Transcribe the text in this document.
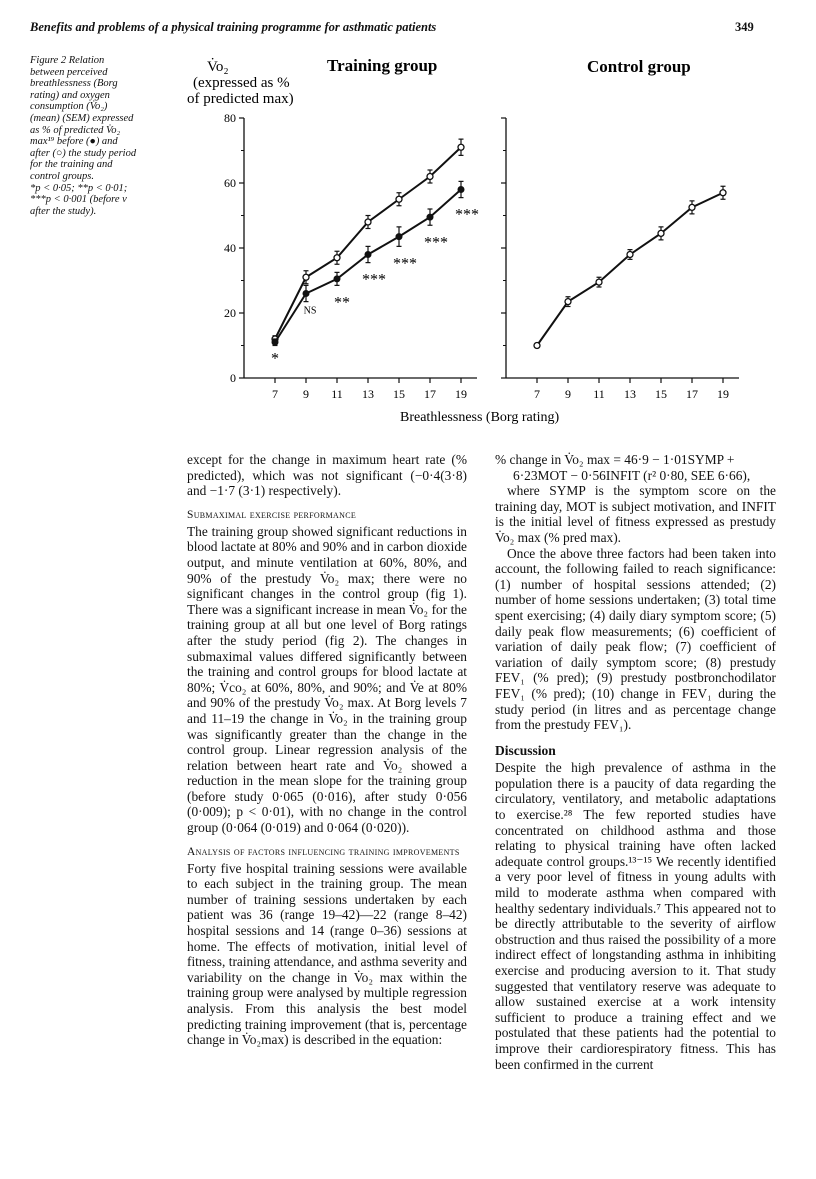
Benefits and problems of a physical training programme for asthmatic patients	349
Figure 2 Relation
between perceived
breathlessness (Borg
rating) and oxygen
consumption (V̇o₂)
(mean) (SEM) expressed
as % of predicted V̇o₂
max¹⁹ before (●) and
after (○) the study period
for the training and
control groups.
*p < 0·05; **p < 0·01;
***p < 0·001 (before v
after the study).
V̇o₂
(expressed as %
of predicted max)
Training group	Control group
Breathlessness (Borg rating)
0
20
40
60
80
7 9 11 13 15 17 19
*
NS **
***
***
***
***
7 9 11 13 15 17 19

except for the change in maximum heart rate (% predicted), which was not significant (−0·4(3·8) and −1·7 (3·1) respectively).

Submaximal exercise performance

The training group showed significant reductions in blood lactate at 80% and 90% and in carbon dioxide output, and minute ventilation at 60%, 80%, and 90% of the prestudy V̇o₂ max; there were no significant changes in the control group (fig 1). There was a significant increase in mean V̇o₂ for the training group at all but one level of Borg ratings after the study period (fig 2). The changes in submaximal values differed significantly between the training and control groups for blood lactate at 80%; V̇co₂ at 60%, 80%, and 90%; and V̇e at 80% and 90% of the prestudy V̇o₂ max. At Borg levels 7 and 11–19 the change in V̇o₂ in the training group was significantly greater than the change in the control group. Linear regression analysis of the relation between heart rate and V̇o₂ showed a reduction in the mean slope for the training group (before study 0·065 (0·016), after study 0·056 (0·009); p < 0·01), with no change in the control group (0·064 (0·019) and 0·064 (0·020)).

Analysis of factors influencing training improvements

Forty five hospital training sessions were available to each subject in the training group. The mean number of training sessions undertaken by each patient was 36 (range 19–42)—22 (range 8–42) hospital sessions and 14 (range 0–36) sessions at home. The effects of motivation, initial level of fitness, training attendance, and asthma severity and variability on the change in V̇o₂ max within the training group were analysed by multiple regression analysis. From this analysis the best model predicting training improvement (that is, percentage change in V̇o₂max) is described in the equation:

% change in V̇o₂ max = 46·9 − 1·01SYMP +

6·23MOT − 0·56INFIT (r² 0·80, SEE 6·66),

where SYMP is the symptom score on the training day, MOT is subject motivation, and INFIT is the initial level of fitness expressed as prestudy V̇o₂ max (% pred max).

Once the above three factors had been taken into account, the following failed to reach significance: (1) number of hospital sessions attended; (2) number of home sessions undertaken; (3) total time spent exercising; (4) daily diary symptom score; (5) daily peak flow measurements; (6) coefficient of variation of daily peak flow; (7) coefficient of variation of daily symptom score; (8) prestudy FEV₁ (% pred); (9) prestudy postbronchodilator FEV₁ (% pred); (10) change in FEV₁ during the study period (in litres and as percentage change from the prestudy FEV₁).

Discussion

Despite the high prevalence of asthma in the population there is a paucity of data regarding the circulatory, ventilatory, and metabolic adaptations to exercise.²⁸ The few reported studies have concentrated on childhood asthma and those relating to physical training have often lacked adequate control groups.¹³⁻¹⁵ We recently identified a very poor level of fitness in young adults with mild to moderate asthma when compared with healthy sedentary individuals.⁷ This appeared not to be directly attributable to the severity of airflow obstruction and thus raised the possibility of a more indirect effect of longstanding asthma in inhibiting exercise and producing aversion to it. That study suggested that ventilatory reserve was adequate to allow sustained exercise at a work intensity sufficient to produce a training effect and we postulated that these patients had the potential to improve their cardiorespiratory fitness. This has been confirmed in the current
